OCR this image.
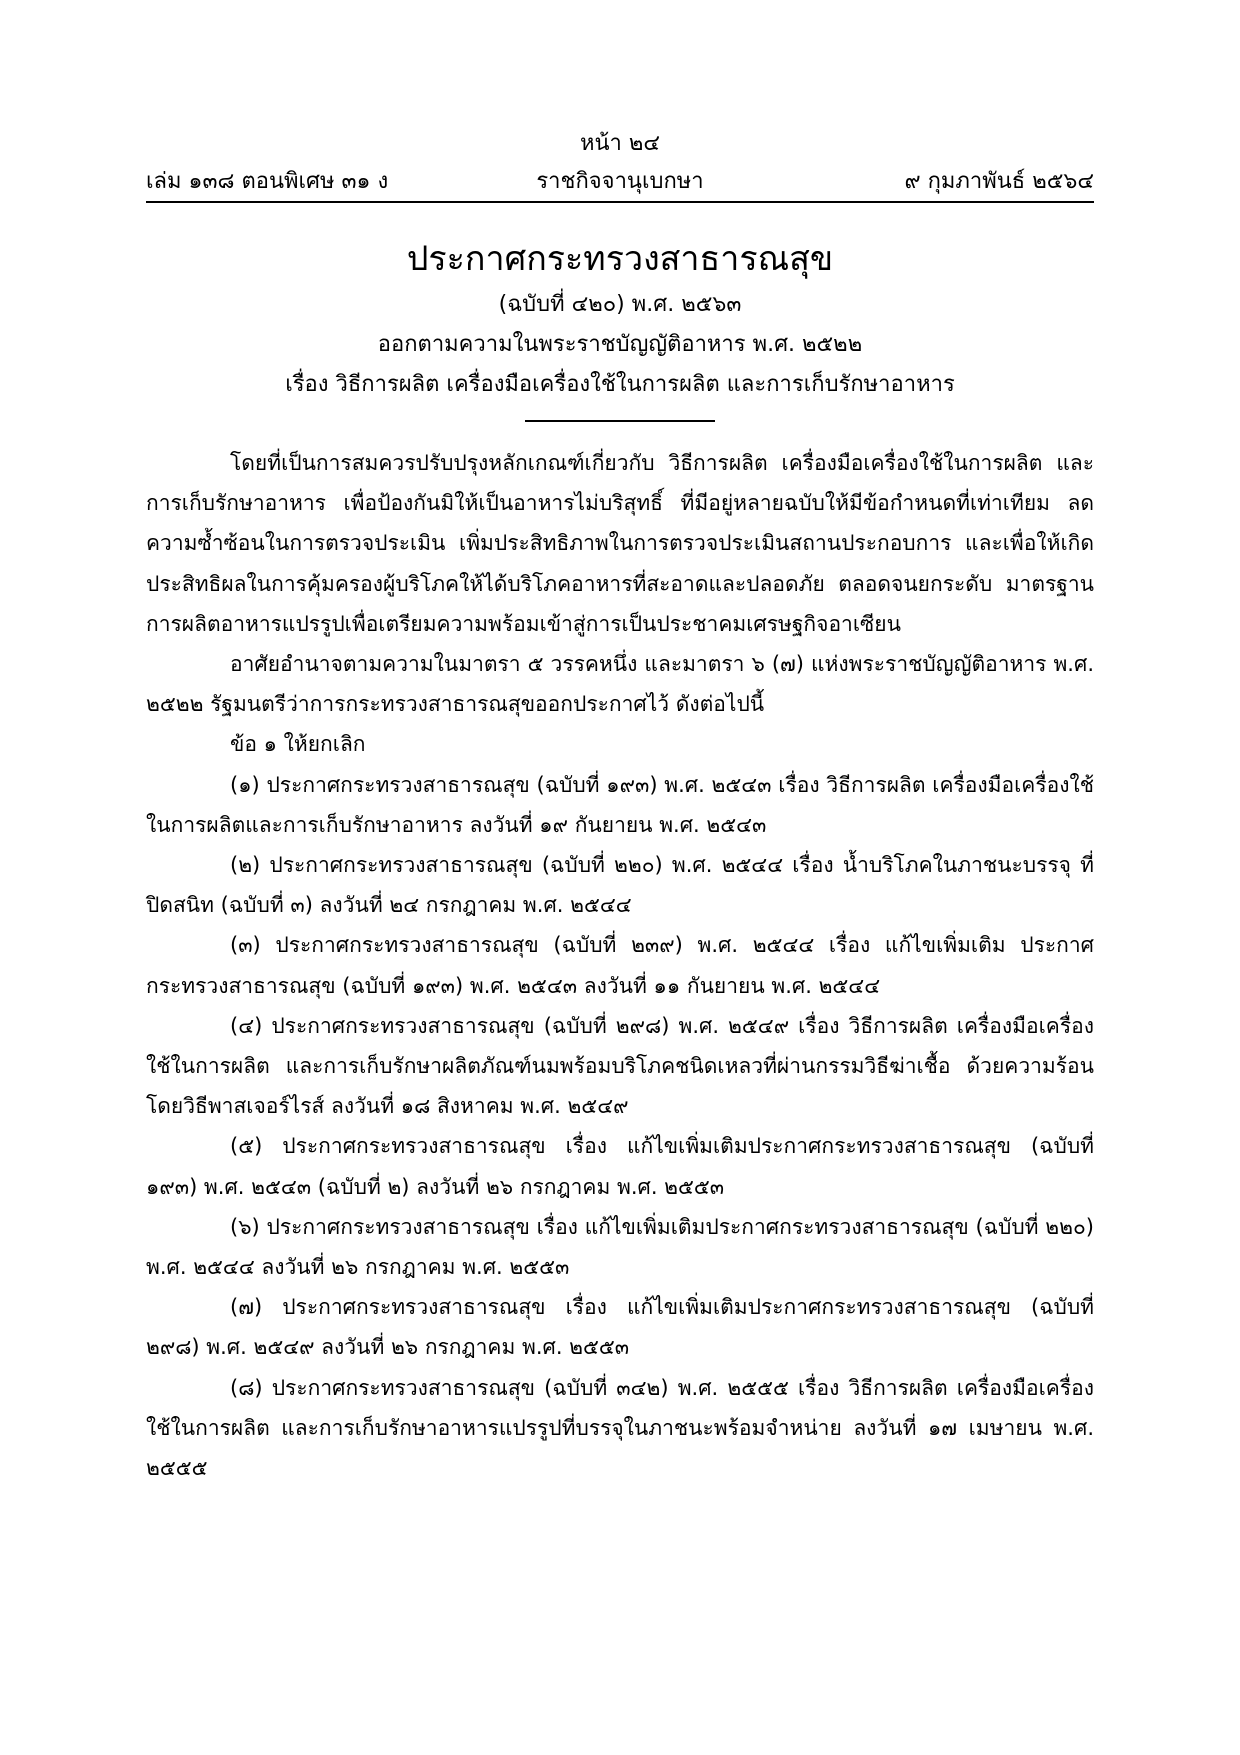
หน้า ๒๔
เล่ม ๑๓๘ ตอนพิเศษ ๓๑ ง	ราชกิจจานุเบกษา	๙ กุมภาพันธ์ ๒๕๖๔
ประกาศกระทรวงสาธารณสุข
(ฉบับที่ ๔๒๐) พ.ศ. ๒๕๖๓
ออกตามความในพระราชบัญญัติอาหาร พ.ศ. ๒๕๒๒
เรื่อง วิธีการผลิต เครื่องมือเครื่องใช้ในการผลิต และการเก็บรักษาอาหาร

โดยที่เป็นการสมควรปรับปรุงหลักเกณฑ์เกี่ยวกับ วิธีการผลิต เครื่องมือเครื่องใช้ในการผลิต และการเก็บรักษาอาหาร เพื่อป้องกันมิให้เป็นอาหารไม่บริสุทธิ์ ที่มีอยู่หลายฉบับให้มีข้อกำหนดที่เท่าเทียม ลดความซ้ำซ้อนในการตรวจประเมิน เพิ่มประสิทธิภาพในการตรวจประเมินสถานประกอบการ และเพื่อให้เกิดประสิทธิผลในการคุ้มครองผู้บริโภคให้ได้บริโภคอาหารที่สะอาดและปลอดภัย ตลอดจนยกระดับ มาตรฐานการผลิตอาหารแปรรูปเพื่อเตรียมความพร้อมเข้าสู่การเป็นประชาคมเศรษฐกิจอาเซียน

อาศัยอำนาจตามความในมาตรา ๕ วรรคหนึ่ง และมาตรา ๖ (๗) แห่งพระราชบัญญัติอาหาร พ.ศ. ๒๕๒๒ รัฐมนตรีว่าการกระทรวงสาธารณสุขออกประกาศไว้ ดังต่อไปนี้

ข้อ ๑ ให้ยกเลิก

(๑) ประกาศกระทรวงสาธารณสุข (ฉบับที่ ๑๙๓) พ.ศ. ๒๕๔๓ เรื่อง วิธีการผลิต เครื่องมือเครื่องใช้ในการผลิตและการเก็บรักษาอาหาร ลงวันที่ ๑๙ กันยายน พ.ศ. ๒๕๔๓

(๒) ประกาศกระทรวงสาธารณสุข (ฉบับที่ ๒๒๐) พ.ศ. ๒๕๔๔ เรื่อง น้ำบริโภคในภาชนะบรรจุ ที่ปิดสนิท (ฉบับที่ ๓) ลงวันที่ ๒๔ กรกฎาคม พ.ศ. ๒๕๔๔

(๓) ประกาศกระทรวงสาธารณสุข (ฉบับที่ ๒๓๙) พ.ศ. ๒๕๔๔ เรื่อง แก้ไขเพิ่มเติม ประกาศกระทรวงสาธารณสุข (ฉบับที่ ๑๙๓) พ.ศ. ๒๕๔๓ ลงวันที่ ๑๑ กันยายน พ.ศ. ๒๕๔๔

(๔) ประกาศกระทรวงสาธารณสุข (ฉบับที่ ๒๙๘) พ.ศ. ๒๕๔๙ เรื่อง วิธีการผลิต เครื่องมือเครื่องใช้ในการผลิต และการเก็บรักษาผลิตภัณฑ์นมพร้อมบริโภคชนิดเหลวที่ผ่านกรรมวิธีฆ่าเชื้อ ด้วยความร้อนโดยวิธีพาสเจอร์ไรส์ ลงวันที่ ๑๘ สิงหาคม พ.ศ. ๒๕๔๙

(๕) ประกาศกระทรวงสาธารณสุข เรื่อง แก้ไขเพิ่มเติมประกาศกระทรวงสาธารณสุข (ฉบับที่ ๑๙๓) พ.ศ. ๒๕๔๓ (ฉบับที่ ๒) ลงวันที่ ๒๖ กรกฎาคม พ.ศ. ๒๕๕๓

(๖) ประกาศกระทรวงสาธารณสุข เรื่อง แก้ไขเพิ่มเติมประกาศกระทรวงสาธารณสุข (ฉบับที่ ๒๒๐) พ.ศ. ๒๕๔๔ ลงวันที่ ๒๖ กรกฎาคม พ.ศ. ๒๕๕๓

(๗) ประกาศกระทรวงสาธารณสุข เรื่อง แก้ไขเพิ่มเติมประกาศกระทรวงสาธารณสุข (ฉบับที่ ๒๙๘) พ.ศ. ๒๕๔๙ ลงวันที่ ๒๖ กรกฎาคม พ.ศ. ๒๕๕๓

(๘) ประกาศกระทรวงสาธารณสุข (ฉบับที่ ๓๔๒) พ.ศ. ๒๕๕๕ เรื่อง วิธีการผลิต เครื่องมือเครื่องใช้ในการผลิต และการเก็บรักษาอาหารแปรรูปที่บรรจุในภาชนะพร้อมจำหน่าย ลงวันที่ ๑๗ เมษายน พ.ศ. ๒๕๕๕
